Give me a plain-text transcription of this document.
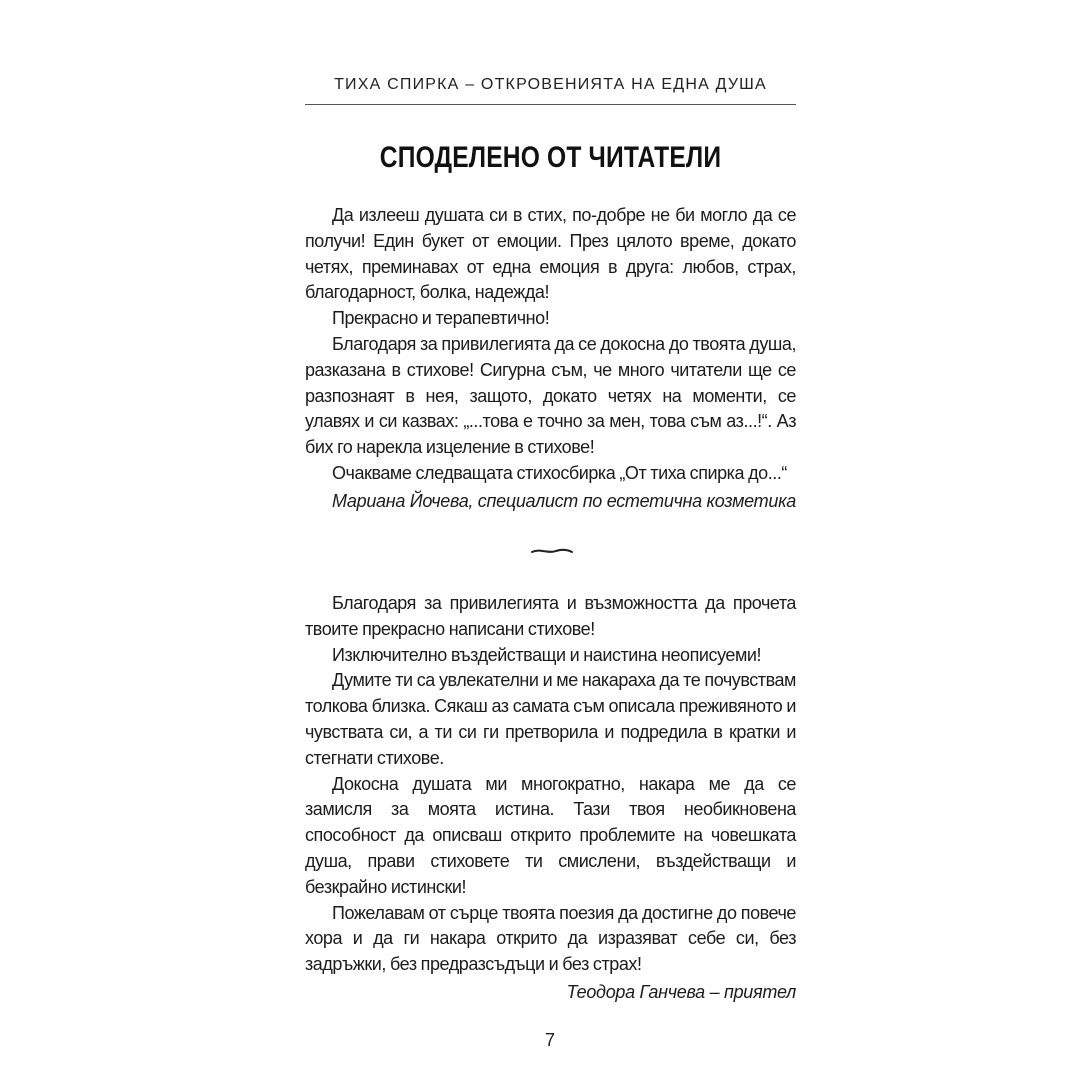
ТИХА СПИРКА – ОТКРОВЕНИЯТА НА ЕДНА ДУША
СПОДЕЛЕНО ОТ ЧИТАТЕЛИ

Да излееш душата си в стих, по-добре не би могло да се получи! Един букет от емоции. През цялото време, докато четях, преминавах от една емоция в друга: любов, страх, благодарност, болка, надежда!

Прекрасно и терапевтично!

Благодаря за привилегията да се докосна до твоята душа, разказана в стихове! Сигурна съм, че много читатели ще се разпознаят в нея, защото, докато четях на моменти, се улавях и си казвах: „...това е точно за мен, това съм аз...!“. Аз бих го нарекла изцеление в стихове!

Очакваме следващата стихосбирка „От тиха спирка до...“

Мариана Йочева, специалист по естетична козметика

Благодаря за привилегията и възможността да прочета твоите прекрасно написани стихове!

Изключително въздействащи и наистина неописуеми!

Думите ти са увлекателни и ме накараха да те почувствам толкова близка. Сякаш аз самата съм описала преживяното и чувствата си, а ти си ги претворила и подредила в кратки и стегнати стихове.

Докосна душата ми многократно, накара ме да се замисля за моята истина. Тази твоя необикновена способност да описваш открито проблемите на човешката душа, прави стиховете ти смислени, въздействащи и безкрайно истински!

Пожелавам от сърце твоята поезия да достигне до повече хора и да ги накара открито да изразяват себе си, без задръжки, без предразсъдъци и без страх!

Теодора Ганчева – приятел

7
